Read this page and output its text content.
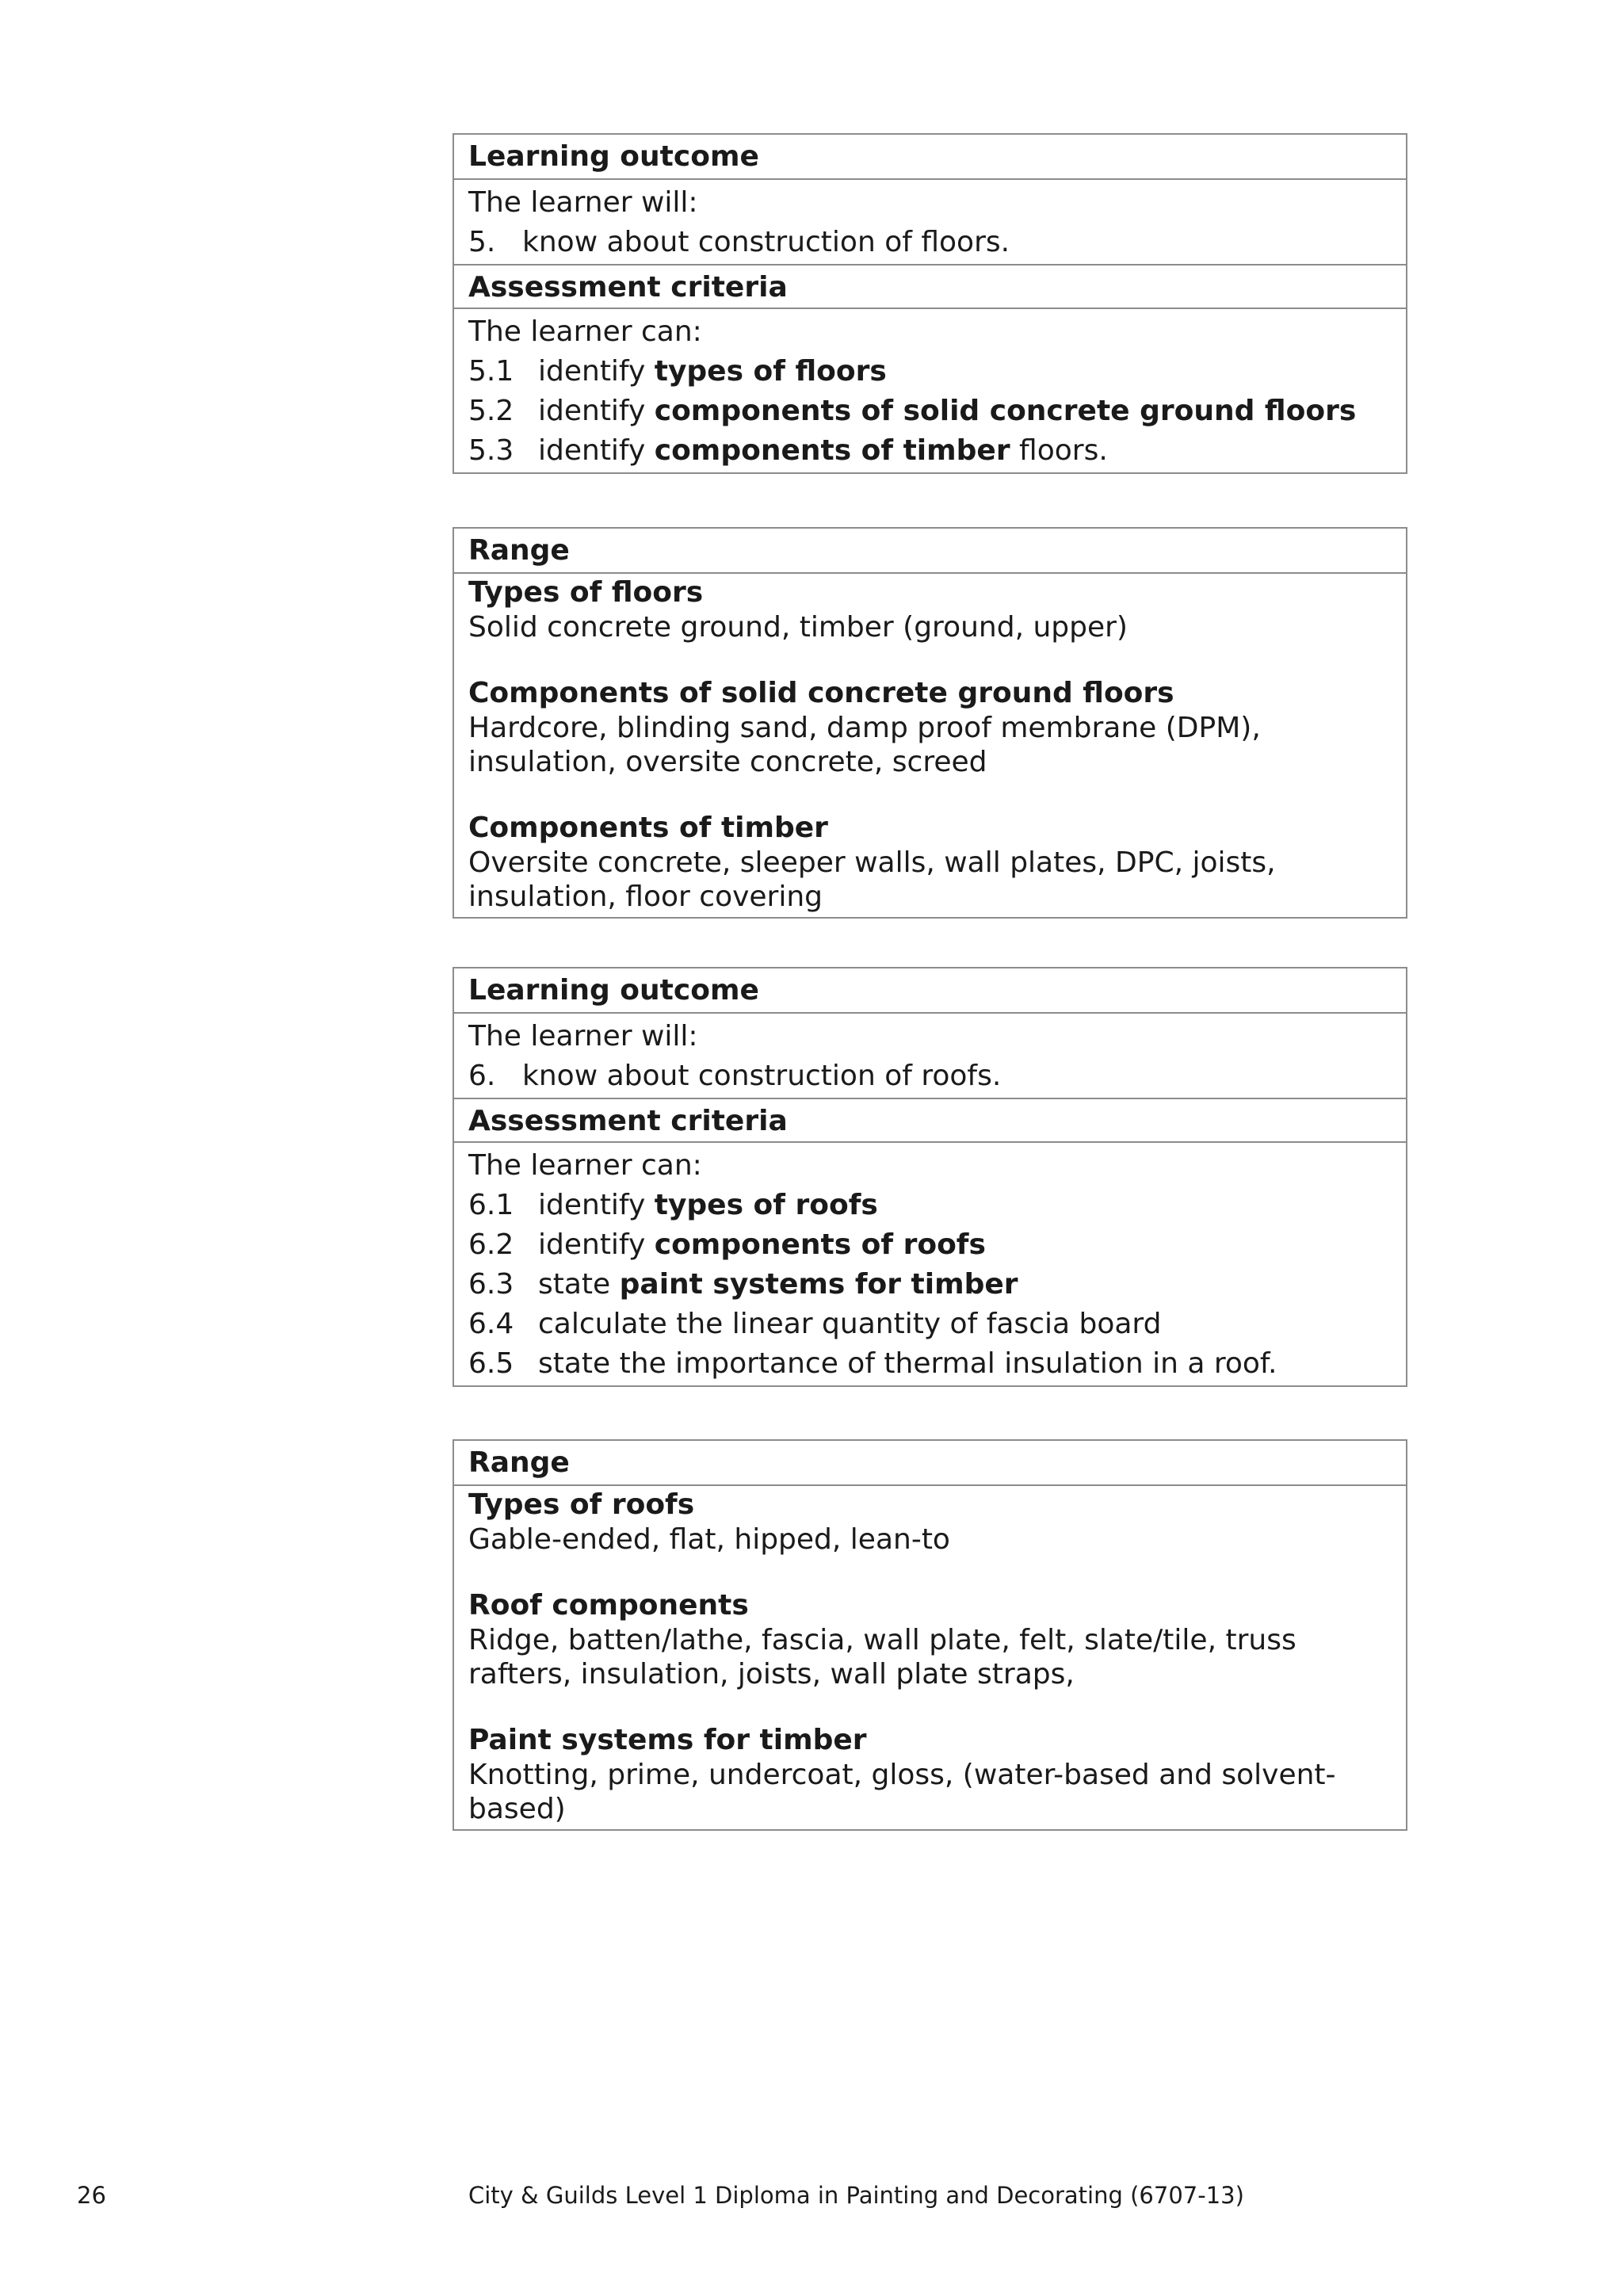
Learning outcome
The learner will:
5. know about construction of floors.
Assessment criteria
The learner can:
5.1 identify types of floors
5.2 identify components of solid concrete ground floors
5.3 identify components of timber floors.
Range
Types of floors
Solid concrete ground, timber (ground, upper)
Components of solid concrete ground floors
Hardcore, blinding sand, damp proof membrane (DPM), insulation, oversite concrete, screed
Components of timber
Oversite concrete, sleeper walls, wall plates, DPC, joists, insulation, floor covering
Learning outcome
The learner will:
6. know about construction of roofs.
Assessment criteria
The learner can:
6.1 identify types of roofs
6.2 identify components of roofs
6.3 state paint systems for timber
6.4 calculate the linear quantity of fascia board
6.5 state the importance of thermal insulation in a roof.
Range
Types of roofs
Gable-ended, flat, hipped, lean-to
Roof components
Ridge, batten/lathe, fascia, wall plate, felt, slate/tile, truss rafters, insulation, joists, wall plate straps,
Paint systems for timber
Knotting, prime, undercoat, gloss, (water-based and solvent-based)
26	City & Guilds Level 1 Diploma in Painting and Decorating (6707-13)
